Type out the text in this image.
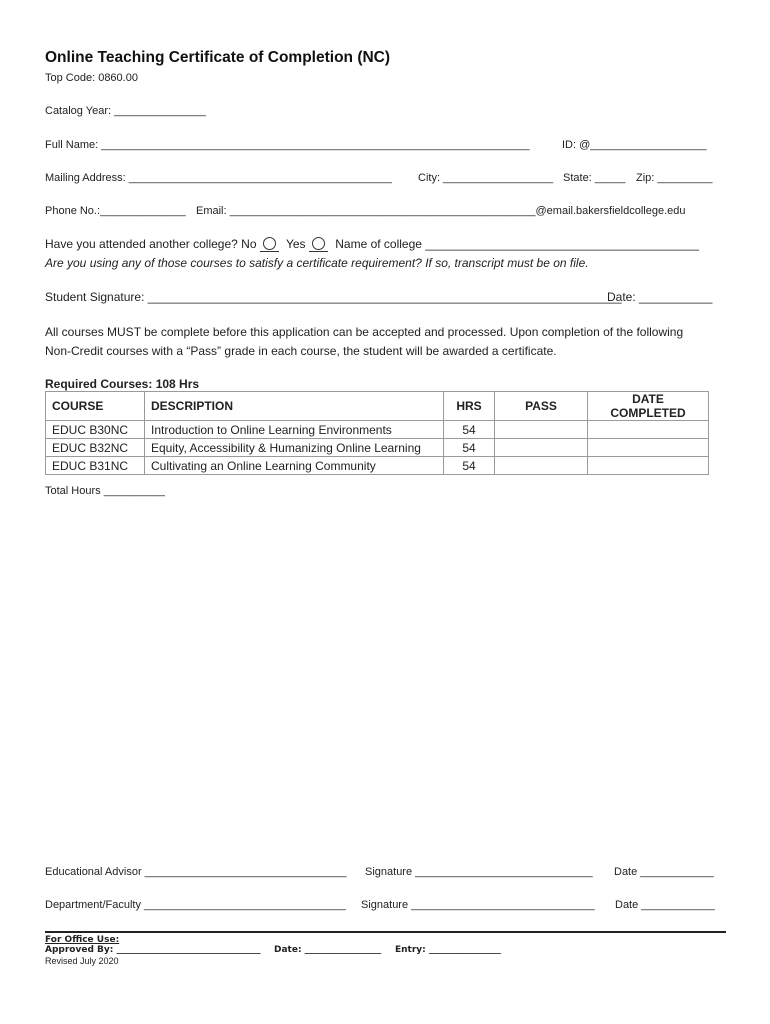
Online Teaching Certificate of Completion (NC)
Top Code: 0860.00
Catalog Year: _______________
Full Name: ______________________________________________________________________	ID: @___________________
Mailing Address: ___________________________________________ City: __________________ State: _____ Zip: _________
Phone No.:______________ Email: __________________________________________________@email.bakersfieldcollege.edu
Have you attended another college? No Yes Name of college _________________________________________
Are you using any of those courses to satisfy a certificate requirement? If so, transcript must be on file.
Student Signature: _______________________________________________________________________
Date: ___________
All courses MUST be complete before this application can be accepted and processed. Upon completion of the following
Non-Credit courses with a “Pass” grade in each course, the student will be awarded a certificate.
Required Courses: 108 Hrs
COURSE	DESCRIPTION	HRS	PASS	DATE COMPLETED
EDUC B30NC	Introduction to Online Learning Environments	54		
EDUC B32NC	Equity, Accessibility & Humanizing Online Learning	54		
EDUC B31NC	Cultivating an Online Learning Community	54		
Total Hours __________
Educational Advisor _________________________________ Signature _____________________________ Date ____________
Department/Faculty _________________________________ Signature ______________________________ Date ____________
For Office Use:
Approved By: ________________________________ Date: _________________ Entry: ________________
Revised July 2020
